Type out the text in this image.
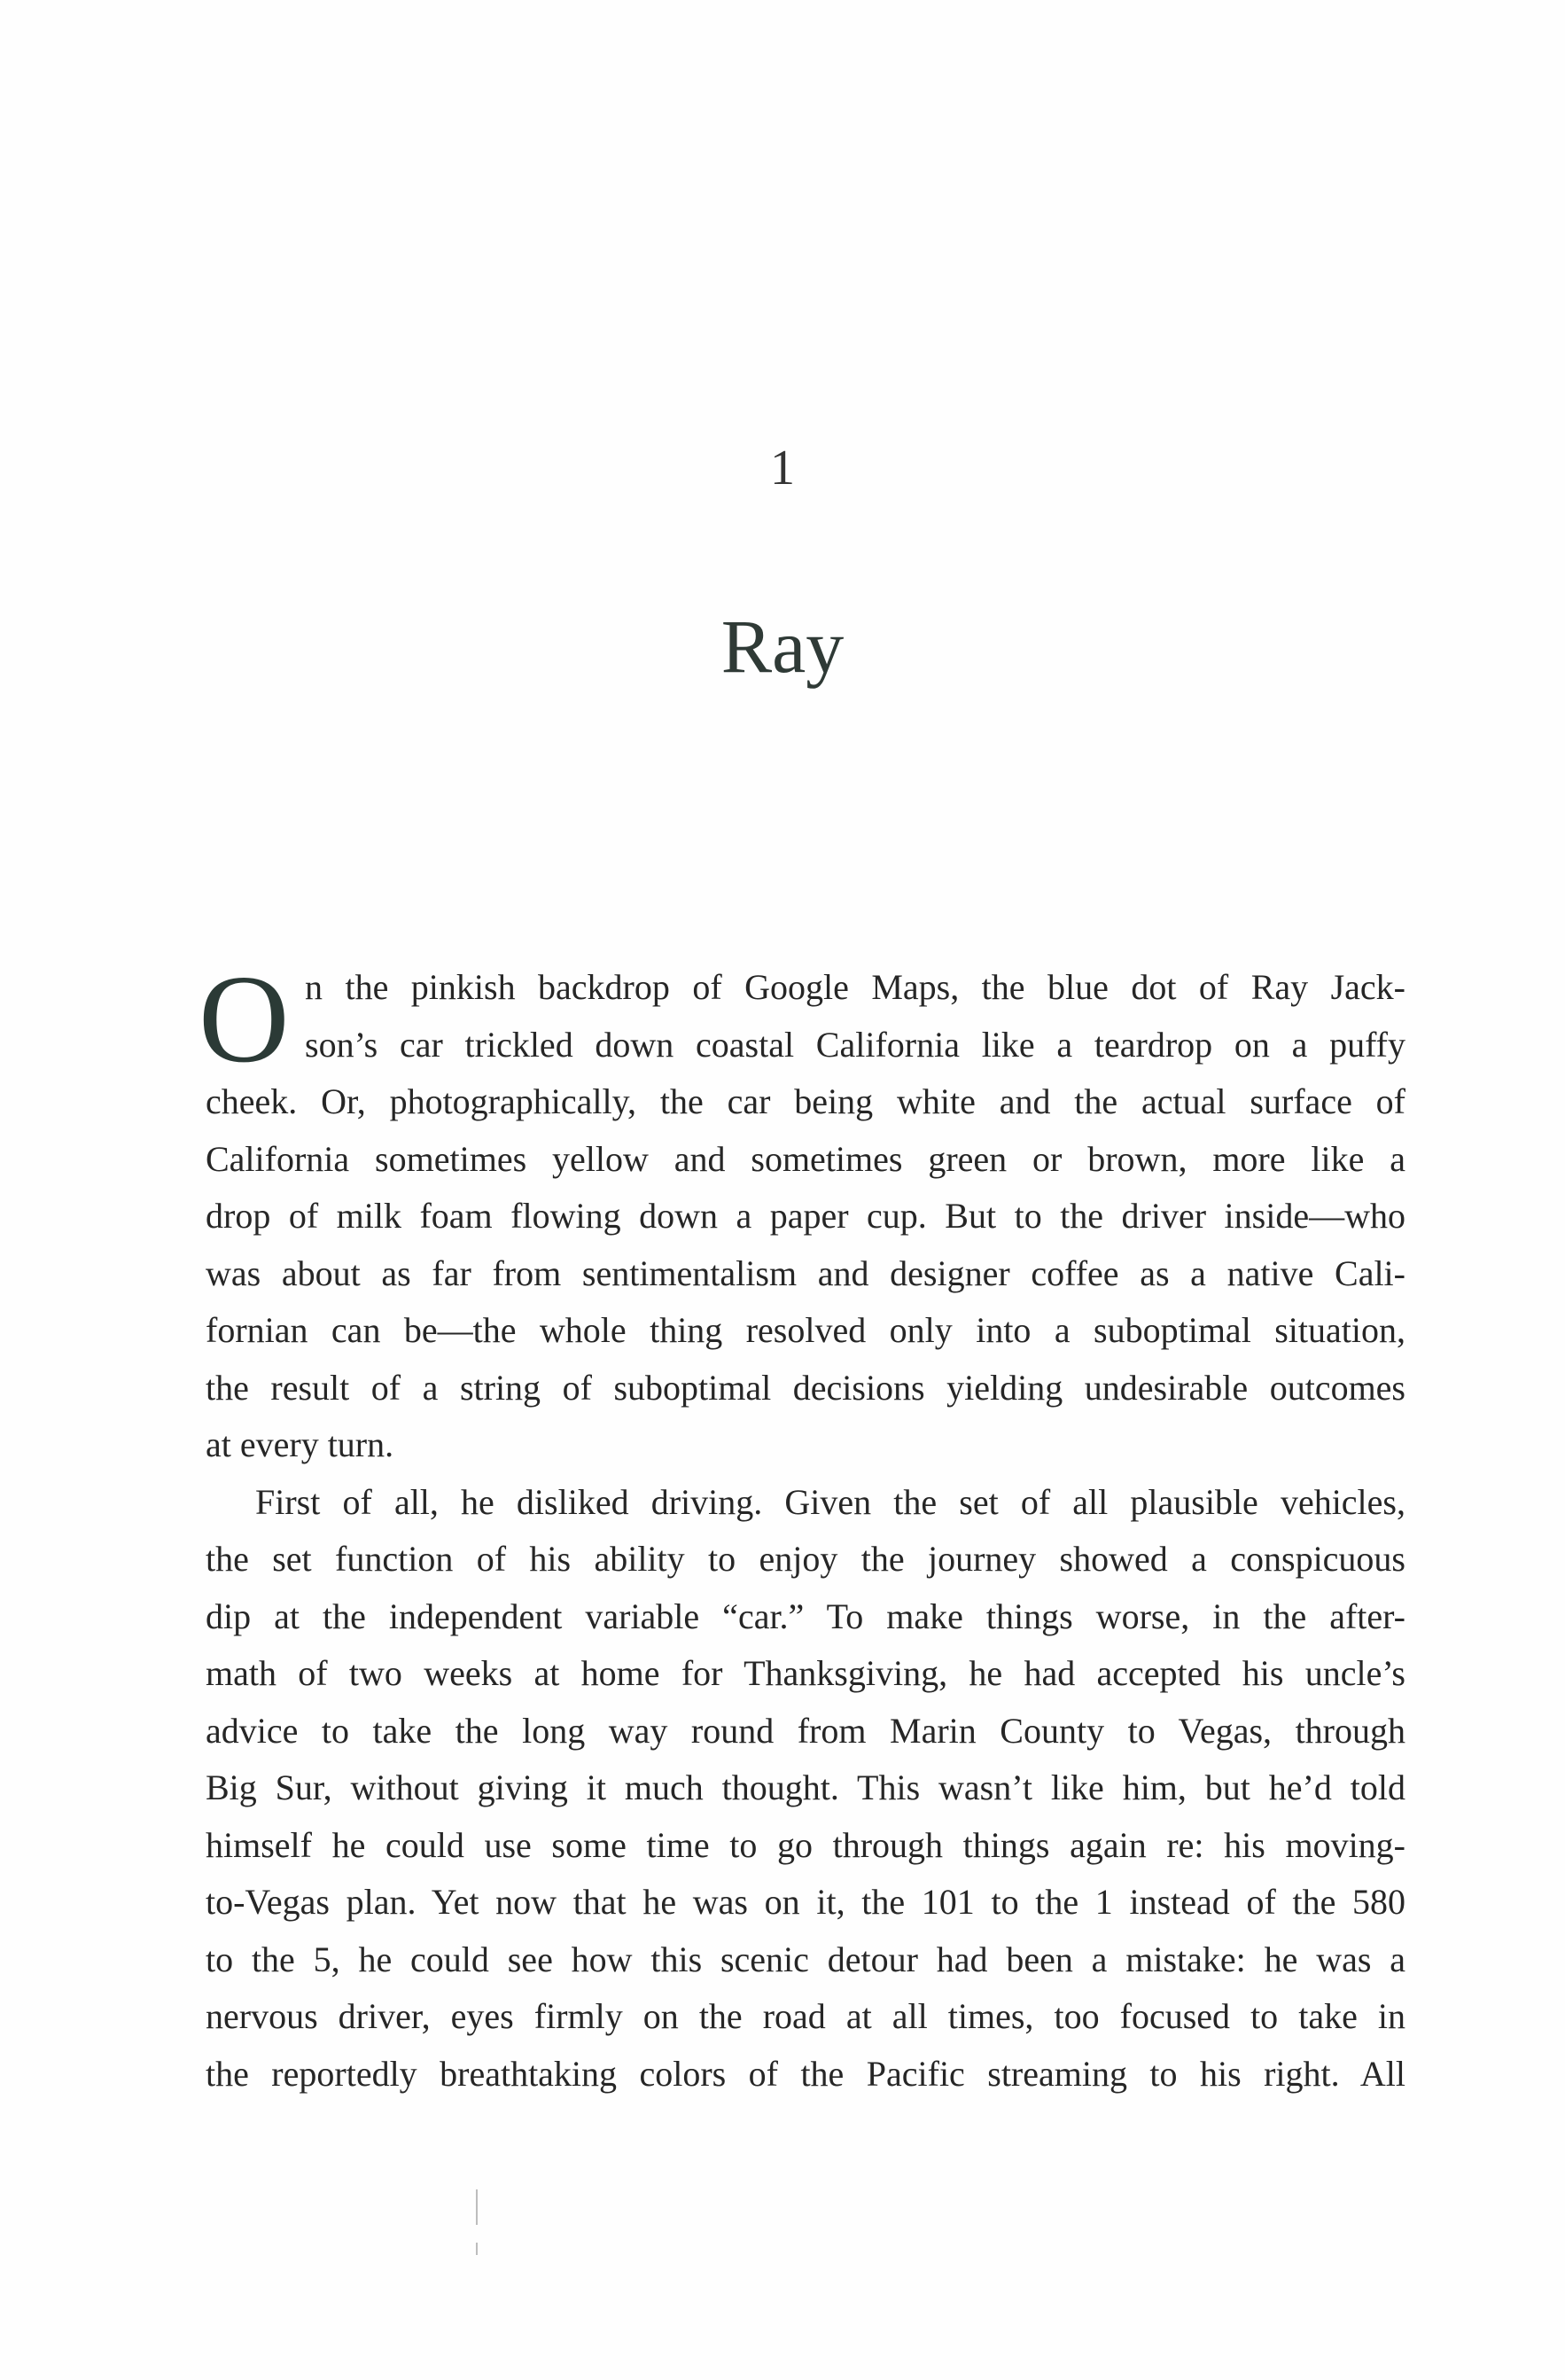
1
Ray
O n the pinkish backdrop of Google Maps, the blue dot of Ray Jack-
son’s car trickled down coastal California like a teardrop on a puffy
cheek. Or, photographically, the car being white and the actual surface of
California sometimes yellow and sometimes green or brown, more like a
drop of milk foam flowing down a paper cup. But to the driver inside—who
was about as far from sentimentalism and designer coffee as a native Cali-
fornian can be—the whole thing resolved only into a suboptimal situation,
the result of a string of suboptimal decisions yielding undesirable outcomes
at every turn.
First of all, he disliked driving. Given the set of all plausible vehicles,
the set function of his ability to enjoy the journey showed a conspicuous
dip at the independent variable “car.” To make things worse, in the after-
math of two weeks at home for Thanksgiving, he had accepted his uncle’s
advice to take the long way round from Marin County to Vegas, through
Big Sur, without giving it much thought. This wasn’t like him, but he’d told
himself he could use some time to go through things again re: his moving-
to-Vegas plan. Yet now that he was on it, the 101 to the 1 instead of the 580
to the 5, he could see how this scenic detour had been a mistake: he was a
nervous driver, eyes firmly on the road at all times, too focused to take in
the reportedly breathtaking colors of the Pacific streaming to his right. All
